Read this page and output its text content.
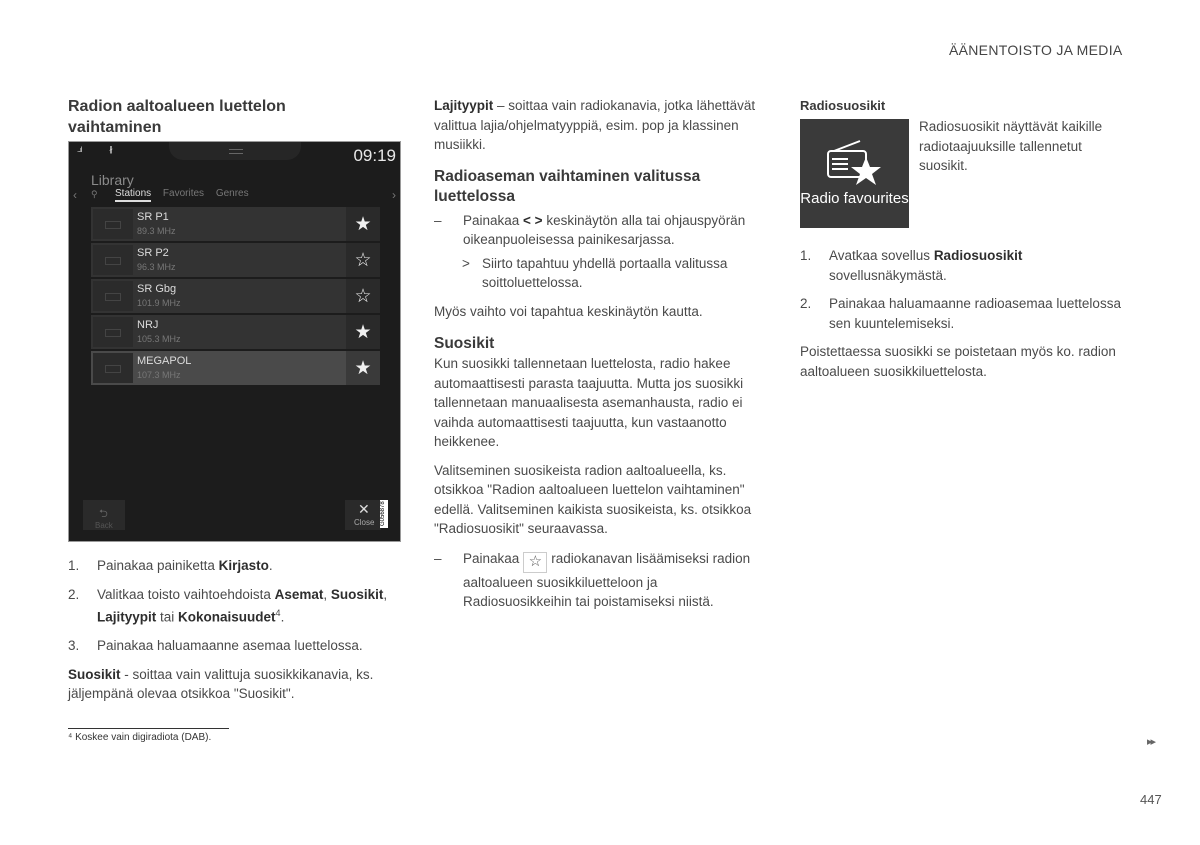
ÄÄNENTOISTO JA MEDIA
Radion aaltoalueen luettelon vaihtaminen
...ıl	∦	09:19
Library
‹ ⚲ Stations Favorites Genres	›
SR P1
89.3 MHz	★
SR P2
96.3 MHz	☆
SR Gbg
101.9 MHz	☆
NRJ
105.3 MHz	★
MEGAPOL
107.3 MHz	★
⮌
Back
✕
Close G056878
1. Painakaa painiketta Kirjasto.
2. Valitkaa toisto vaihtoehdoista Asemat, Suosikit, Lajityypit tai Kokonaisuudet$^4$.
3. Painakaa haluamaanne asemaa luettelossa.
Suosikit - soittaa vain valittuja suosikkikanavia, ks. jäljempänä olevaa otsikkoa "Suosikit".
Lajityypit – soittaa vain radiokanavia, jotka lähettävät valittua lajia/ohjelmatyyppiä, esim. pop ja klassinen musiikki.
Radioaseman vaihtaminen valitussa luettelossa
– Painakaa < > keskinäytön alla tai ohjauspyörän oikeanpuoleisessa painikesarjassa.
> Siirto tapahtuu yhdellä portaalla valitussa soittoluettelossa.
Myös vaihto voi tapahtua keskinäytön kautta.
Suosikit
Kun suosikki tallennetaan luettelosta, radio hakee automaattisesti parasta taajuutta. Mutta jos suosikki tallennetaan manuaalisesta asemanhausta, radio ei vaihda automaattisesti taajuutta, kun vastaanotto heikkenee.
Valitseminen suosikeista radion aaltoalueella, ks. otsikkoa "Radion aaltoalueen luettelon vaihtaminen" edellä. Valitseminen kaikista suosikeista, ks. otsikkoa "Radiosuosikit" seuraavassa.
– Painakaa ☆ radiokanavan lisäämiseksi radion aaltoalueen suosikkiluetteloon ja Radiosuosikkeihin tai poistamiseksi niistä.
Radiosuosikit
Radio favourites
Radiosuosikit näyttävät kaikille radiotaajuuksille tallennetut suosikit.
1. Avatkaa sovellus Radiosuosikit sovellusnäkymästä.
2. Painakaa haluamaanne radioasemaa luettelossa sen kuuntelemiseksi.
Poistettaessa suosikki se poistetaan myös ko. radion aaltoalueen suosikkiluettelosta.
⁴ Koskee vain digiradiota (DAB).	▸▸
447
